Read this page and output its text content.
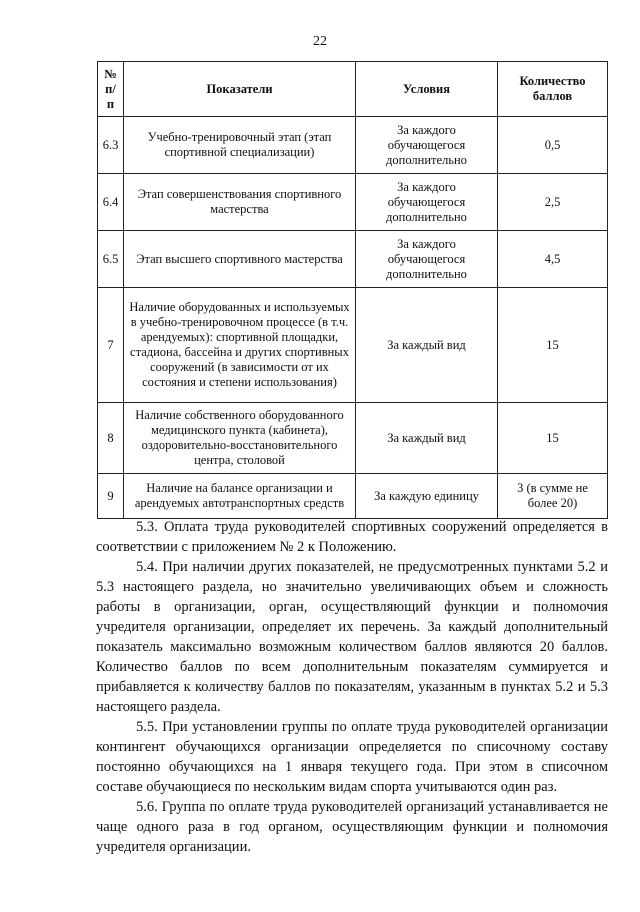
22
№ п/п	Показатели	Условия	Количество баллов
6.3	Учебно-тренировочный этап (этап спортивной специализации)	За каждого обучающегося дополнительно	0,5
6.4	Этап совершенствования спортивного мастерства	За каждого обучающегося дополнительно	2,5
6.5	Этап высшего спортивного мастерства	За каждого обучающегося дополнительно	4,5
7	Наличие оборудованных и используемых в учебно-тренировочном процессе (в т.ч. арендуемых): спортивной площадки, стадиона, бассейна и других спортивных сооружений (в зависимости от их состояния и степени использования)	За каждый вид	15
8	Наличие собственного оборудованного медицинского пункта (кабинета), оздоровительно-восстановительного центра, столовой	За каждый вид	15
9	Наличие на балансе организации и арендуемых автотранспортных средств	За каждую единицу	3 (в сумме не более 20)

5.3. Оплата труда руководителей спортивных сооружений определяется в соответствии с приложением № 2 к Положению.

5.4. При наличии других показателей, не предусмотренных пунктами 5.2 и 5.3 настоящего раздела, но значительно увеличивающих объем и сложность работы в организации, орган, осуществляющий функции и полномочия учредителя организации, определяет их перечень. За каждый дополнительный показатель максимально возможным количеством баллов являются 20 баллов. Количество баллов по всем дополнительным показателям суммируется и прибавляется к количеству баллов по показателям, указанным в пунктах 5.2 и 5.3 настоящего раздела.

5.5. При установлении группы по оплате труда руководителей организации контингент обучающихся организации определяется по списочному составу постоянно обучающихся на 1 января текущего года. При этом в списочном составе обучающиеся по нескольким видам спорта учитываются один раз.

5.6. Группа по оплате труда руководителей организаций устанавливается не чаще одного раза в год органом, осуществляющим функции и полномочия учредителя организации.
